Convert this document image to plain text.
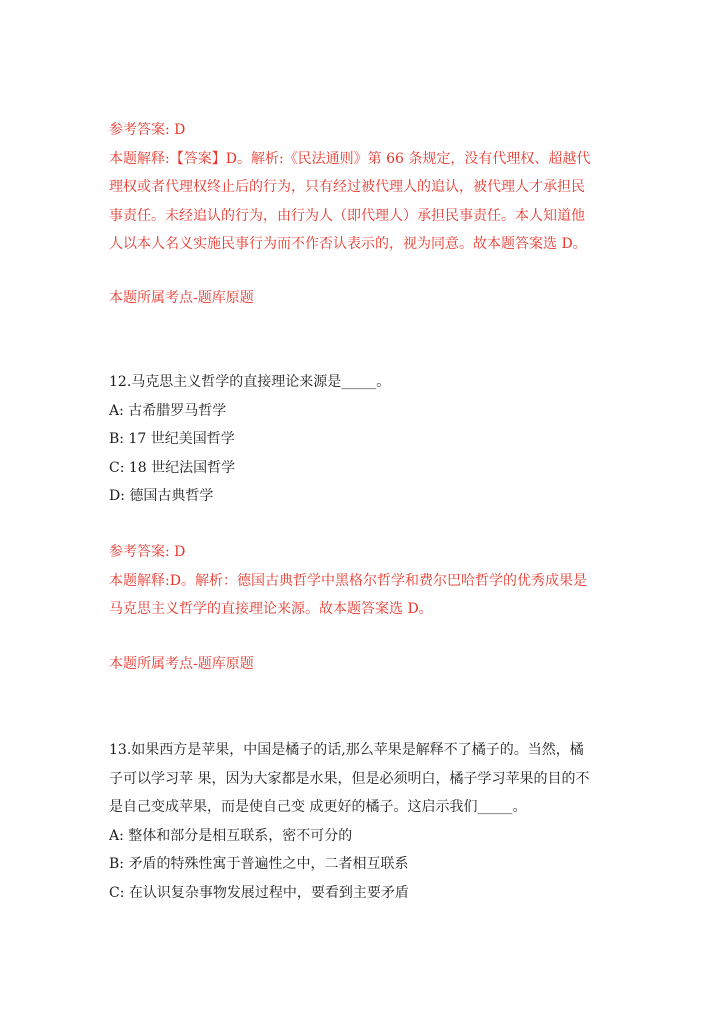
参考答案: D
本题解释:【答案】D。解析:《民法通则》第 66 条规定，没有代理权、超越代
理权或者代理权终止后的行为，只有经过被代理人的追认，被代理人才承担民
事责任。未经追认的行为，由行为人（即代理人）承担民事责任。本人知道他
人以本人名义实施民事行为而不作否认表示的，视为同意。故本题答案选 D。
本题所属考点-题库原题
12.马克思主义哲学的直接理论来源是_____。
A: 古希腊罗马哲学
B: 17 世纪美国哲学
C: 18 世纪法国哲学
D: 德国古典哲学
参考答案: D
本题解释:D。解析：德国古典哲学中黑格尔哲学和费尔巴哈哲学的优秀成果是
马克思主义哲学的直接理论来源。故本题答案选 D。
本题所属考点-题库原题
13.如果西方是苹果，中国是橘子的话,那么苹果是解释不了橘子的。当然，橘
子可以学习苹 果，因为大家都是水果，但是必须明白，橘子学习苹果的目的不
是自己变成苹果，而是使自己变 成更好的橘子。这启示我们_____。
A: 整体和部分是相互联系，密不可分的
B: 矛盾的特殊性寓于普遍性之中，二者相互联系
C: 在认识复杂事物发展过程中，要看到主要矛盾
